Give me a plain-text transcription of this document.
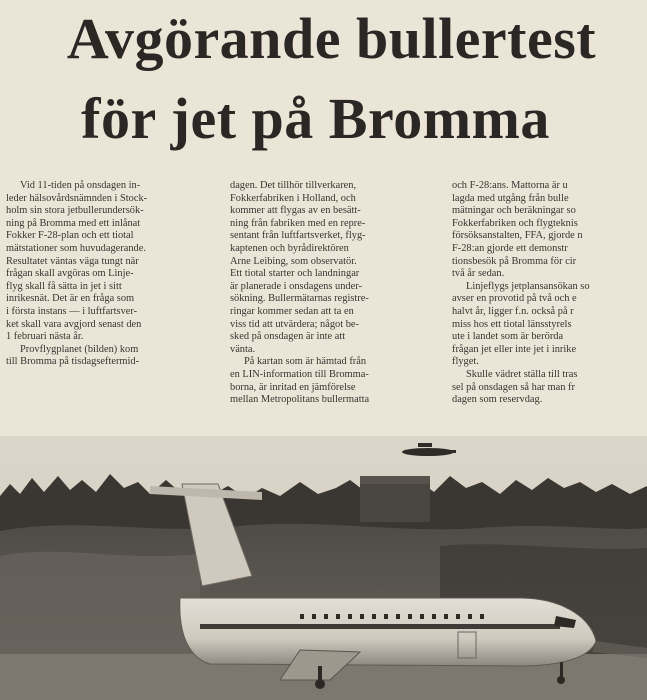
Avgörande bullertest
för jet på Bromma

Vid 11-tiden på onsdagen in-

leder hälsovårdsnämnden i Stock-

holm sin stora jetbullerundersök-

ning på Bromma med ett inlånat

Fokker F-28-plan och ett tiotal

mätstationer som huvudagerande.

Resultatet väntas väga tungt när

frågan skall avgöras om Linje-

flyg skall få sätta in jet i sitt

inrikesnät. Det är en fråga som

i första instans — i luftfartsver-

ket skall vara avgjord senast den

1 februari nästa år.

Provflygplanet (bilden) kom

till Bromma på tisdagseftermid-

dagen. Det tillhör tillverkaren,

Fokkerfabriken i Holland, och

kommer att flygas av en besätt-

ning från fabriken med en repre-

sentant från luftfartsverket, flyg-

kaptenen och byrådirektören

Arne Leibing, som observatör.

Ett tiotal starter och landningar

är planerade i onsdagens under-

sökning. Bullermätarnas registre-

ringar kommer sedan att ta en

viss tid att utvärdera; något be-

sked på onsdagen är inte att

vänta.

På kartan som är hämtad från

en LIN-information till Bromma-

borna, är inritad en jämförelse

mellan Metropolitans bullermatta

och F-28:ans. Mattorna är u

lagda med utgång från bulle

mätningar och beräkningar so

Fokkerfabriken och flygteknis

försöksanstalten, FFA, gjorde n

F-28:an gjorde ett demonstr

tionsbesök på Bromma för cir

två år sedan.

Linjeflygs jetplansansökan so

avser en provotid på två och e

halvt år, ligger f.n. också på r

miss hos ett tiotal länsstyrels

ute i landet som är berörda

frågan jet eller inte jet i inrike

flyget.

Skulle vädret ställa till tras

sel på onsdagen så har man fr

dagen som reservdag.
